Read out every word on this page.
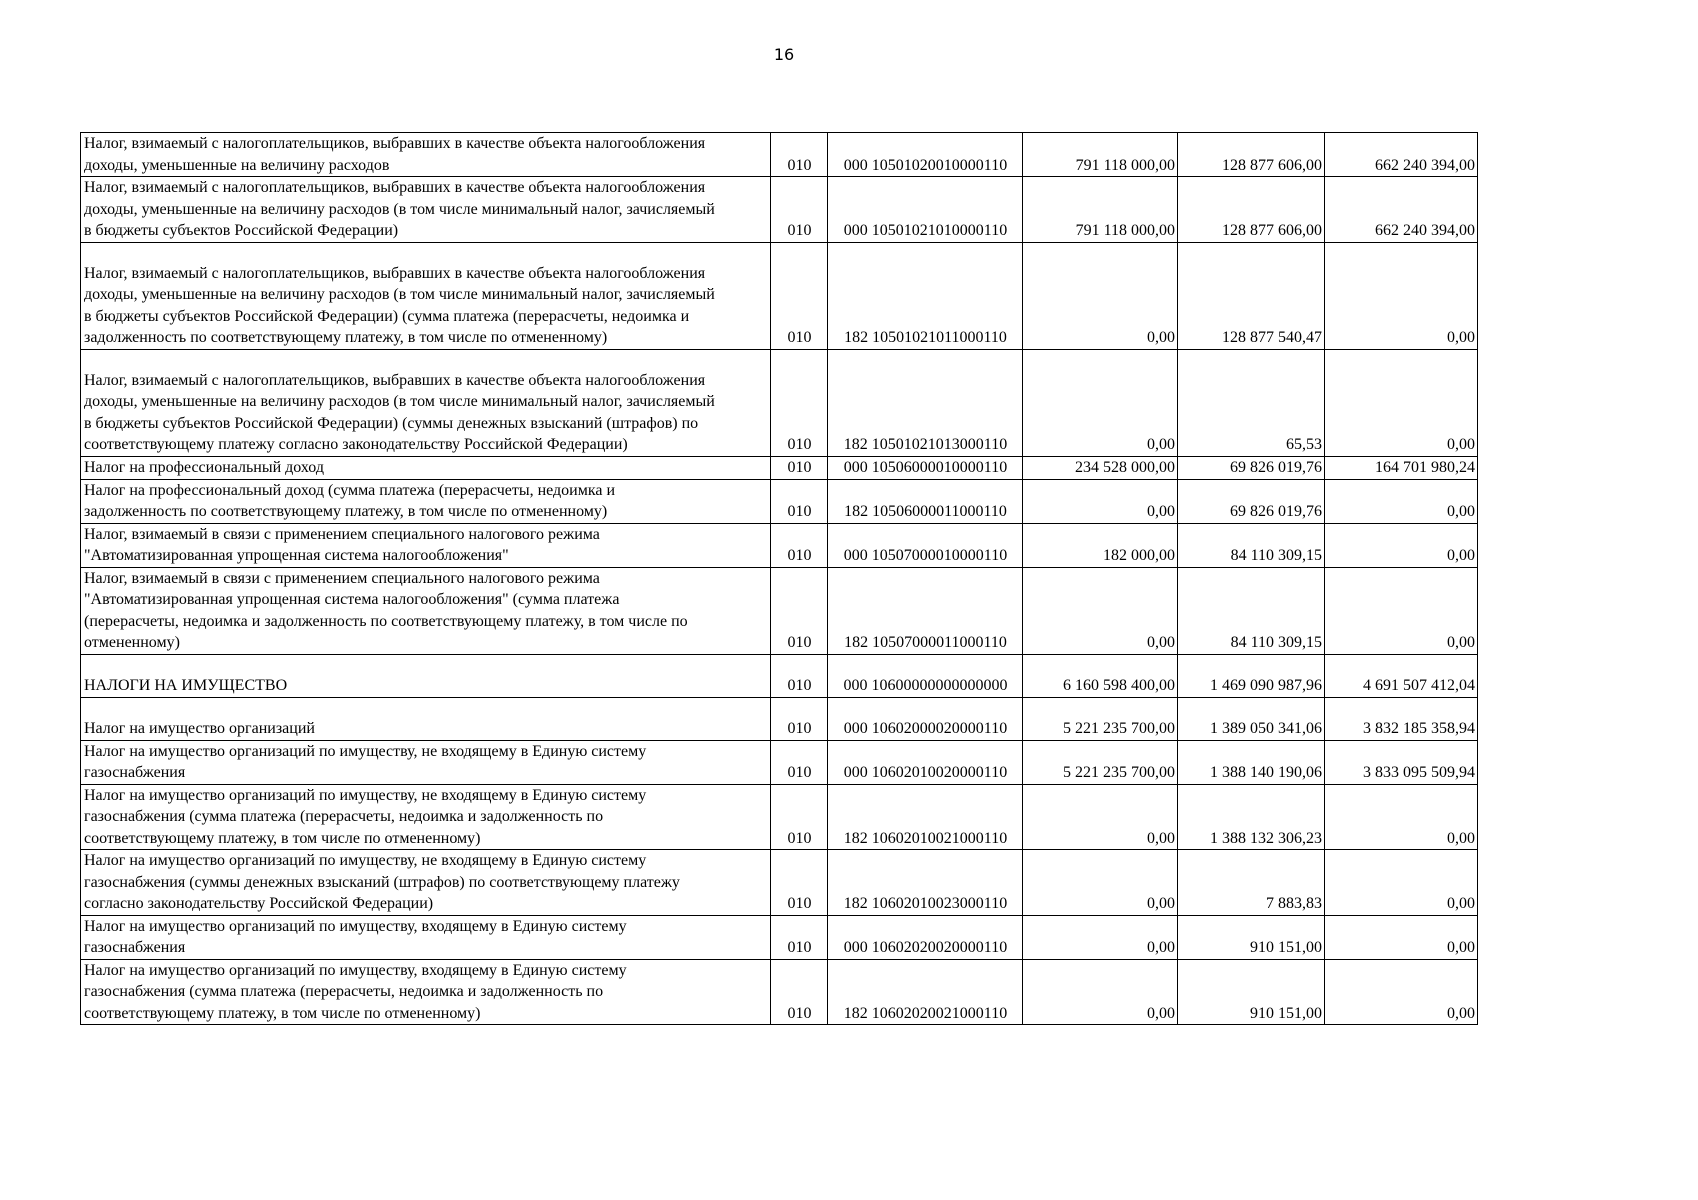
16
Налог, взимаемый с налогоплательщиков, выбравших в качестве объекта налогообложения
доходы, уменьшенные на величину расходов	010	000 10501020010000110	791 118 000,00	128 877 606,00	662 240 394,00
Налог, взимаемый с налогоплательщиков, выбравших в качестве объекта налогообложения
доходы, уменьшенные на величину расходов (в том числе минимальный налог, зачисляемый
в бюджеты субъектов Российской Федерации)	010	000 10501021010000110	791 118 000,00	128 877 606,00	662 240 394,00
Налог, взимаемый с налогоплательщиков, выбравших в качестве объекта налогообложения
доходы, уменьшенные на величину расходов (в том числе минимальный налог, зачисляемый
в бюджеты субъектов Российской Федерации) (сумма платежа (перерасчеты, недоимка и
задолженность по соответствующему платежу, в том числе по отмененному)	010	182 10501021011000110	0,00	128 877 540,47	0,00
Налог, взимаемый с налогоплательщиков, выбравших в качестве объекта налогообложения
доходы, уменьшенные на величину расходов (в том числе минимальный налог, зачисляемый
в бюджеты субъектов Российской Федерации) (суммы денежных взысканий (штрафов) по
соответствующему платежу согласно законодательству Российской Федерации)	010	182 10501021013000110	0,00	65,53	0,00
Налог на профессиональный доход	010	000 10506000010000110	234 528 000,00	69 826 019,76	164 701 980,24
Налог на профессиональный доход (сумма платежа (перерасчеты, недоимка и
задолженность по соответствующему платежу, в том числе по отмененному)	010	182 10506000011000110	0,00	69 826 019,76	0,00
Налог, взимаемый в связи с применением специального налогового режима
"Автоматизированная упрощенная система налогообложения"	010	000 10507000010000110	182 000,00	84 110 309,15	0,00
Налог, взимаемый в связи с применением специального налогового режима
"Автоматизированная упрощенная система налогообложения" (сумма платежа
(перерасчеты, недоимка и задолженность по соответствующему платежу, в том числе по
отмененному)	010	182 10507000011000110	0,00	84 110 309,15	0,00
НАЛОГИ НА ИМУЩЕСТВО	010	000 10600000000000000	6 160 598 400,00	1 469 090 987,96	4 691 507 412,04
Налог на имущество организаций	010	000 10602000020000110	5 221 235 700,00	1 389 050 341,06	3 832 185 358,94
Налог на имущество организаций по имуществу, не входящему в Единую систему
газоснабжения	010	000 10602010020000110	5 221 235 700,00	1 388 140 190,06	3 833 095 509,94
Налог на имущество организаций по имуществу, не входящему в Единую систему
газоснабжения (сумма платежа (перерасчеты, недоимка и задолженность по
соответствующему платежу, в том числе по отмененному)	010	182 10602010021000110	0,00	1 388 132 306,23	0,00
Налог на имущество организаций по имуществу, не входящему в Единую систему
газоснабжения (суммы денежных взысканий (штрафов) по соответствующему платежу
согласно законодательству Российской Федерации)	010	182 10602010023000110	0,00	7 883,83	0,00
Налог на имущество организаций по имуществу, входящему в Единую систему
газоснабжения	010	000 10602020020000110	0,00	910 151,00	0,00
Налог на имущество организаций по имуществу, входящему в Единую систему
газоснабжения (сумма платежа (перерасчеты, недоимка и задолженность по
соответствующему платежу, в том числе по отмененному)	010	182 10602020021000110	0,00	910 151,00	0,00
